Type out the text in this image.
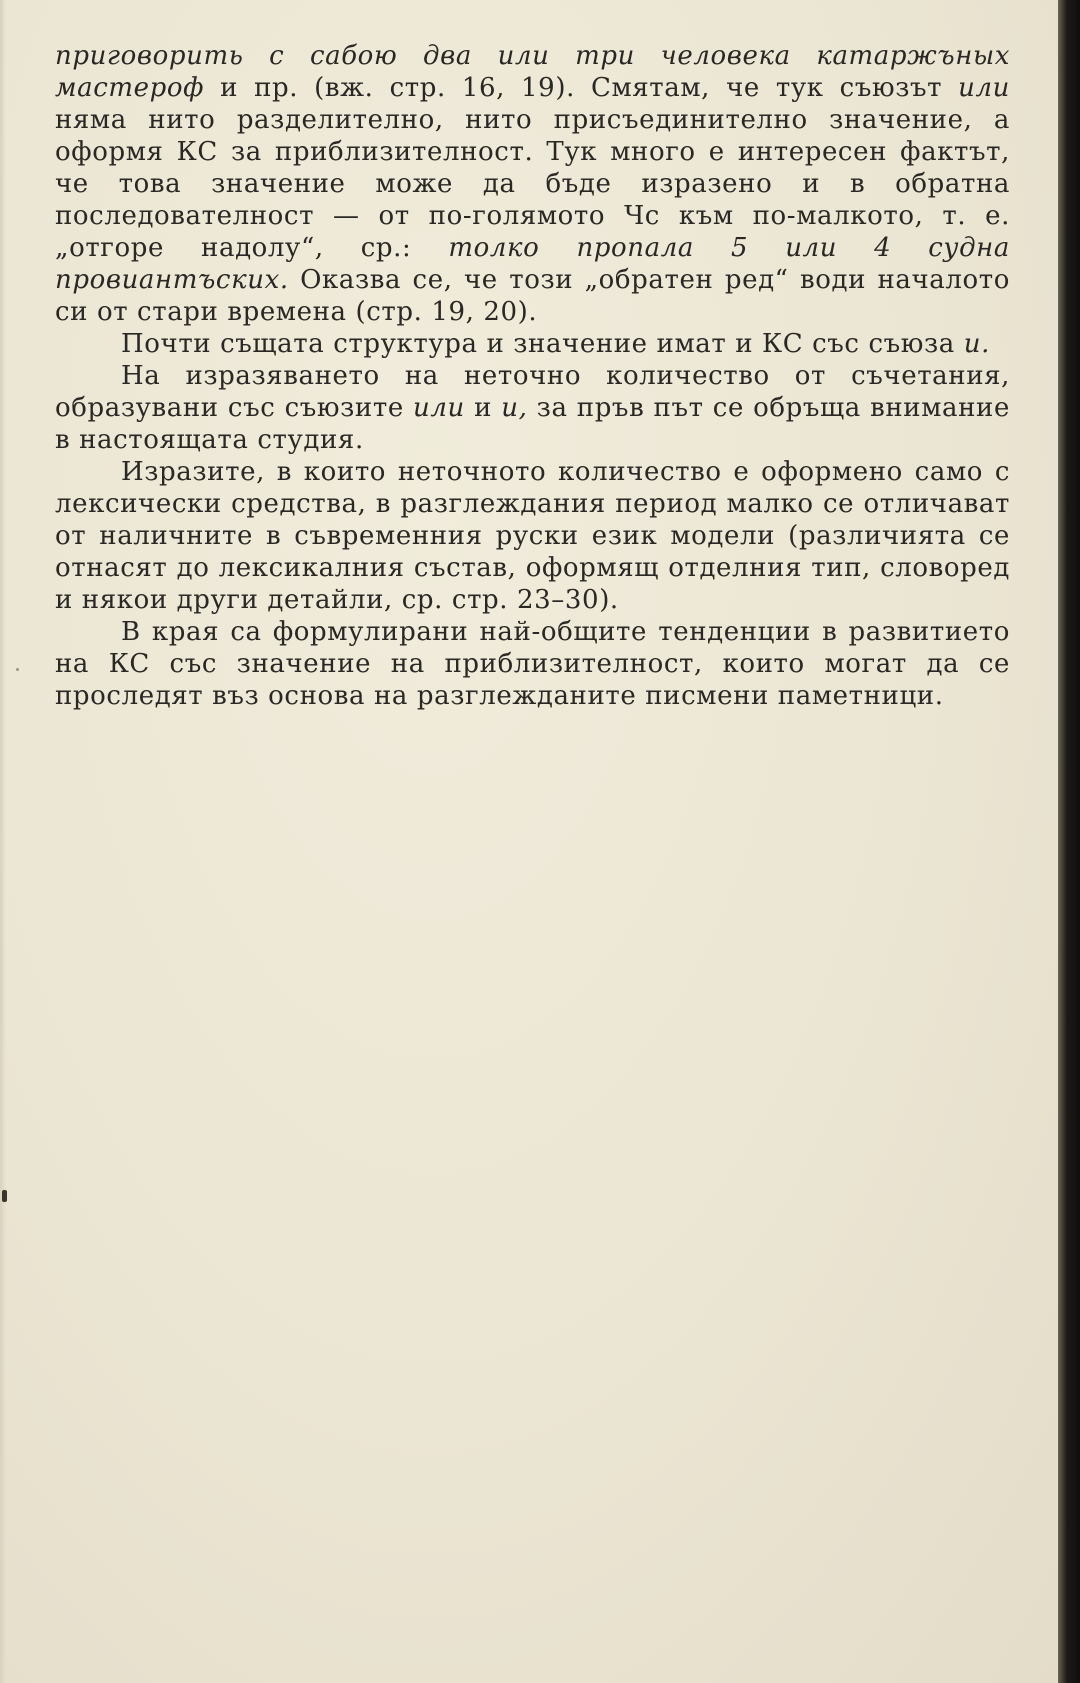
приговорить с сабою два или три человека катаржъных мастероф и пр. (вж. стр. 16, 19). Смятам, че тук съюзът или няма нито разделително, нито присъединително значение, а оформя КС за приблизителност. Тук много е интересен фактът, че това значение може да бъде изразено и в обратна последователност — от по-голямото Чс към по-малкото, т. е. „отгоре надолу“, ср.: толко пропала 5 или 4 судна провиантъских. Оказва се, че този „обратен ред“ води началото си от стари времена (стр. 19, 20).

Почти същата структура и значение имат и КС със съюза и.

На изразяването на неточно количество от съчетания, образувани със съюзите или и и, за пръв път се обръща внимание в настоящата студия.

Изразите, в които неточното количество е оформено само с лексически средства, в разглеждания период малко се отличават от наличните в съвременния руски език модели (различията се отнасят до лексикалния състав, оформящ отделния тип, словоред и някои други детайли, ср. стр. 23–30).

В края са формулирани най-общите тенденции в развитието на КС със значение на приблизителност, които могат да се проследят въз основа на разглежданите писмени паметници.
